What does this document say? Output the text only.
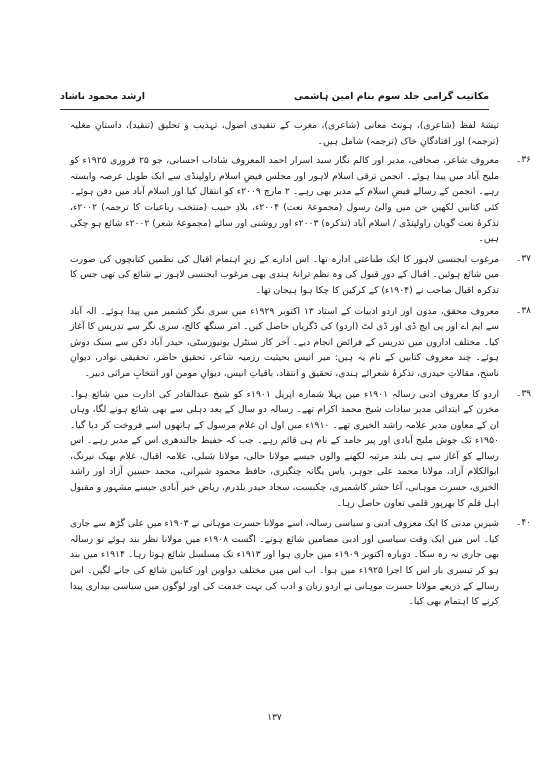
مکاتیب گرامی جلد سوم بنام امین ہاشمی
ارشد محمود ناشاد

تیشۂ لفظ (شاعری)، ہونٹ معانی (شاعری)، مغرب کے تنقیدی اصول، تہذیب و تحلیق (تنقید)، داستانِ مغلیہ (ترجمہ) اور افتادگانِ خاک (ترجمہ) شامل ہیں۔

۳۶۔
معروف شاعر، صحافی، مدیر اور کالم نگار سید اسرار احمد المعروف شاداب احسانی، جو ۲۵ فروری ۱۹۲۵ء کو ملیح آباد میں پیدا ہوئے۔ انجمن ترقی اسلام لاہور اور مجلس فیضِ اسلام راولپنڈی سے ایک طویل عرصہ وابستہ رہے۔ انجمن کے رسالے فیضِ اسلام کے مدیر بھی رہے۔ ۲ مارچ ۲۰۰۹ء کو انتقال کیا اور اسلام آباد میں دفن ہوئے۔ کئی کتابیں لکھیں جن میں والئ رسول (مجموعۂ نعت) ۲۰۰۴ء، بلادِ حبیب (منتخب رباعیات کا ترجمہ) ۲۰۰۲ء، تذکرۂ نعت گویان راولپنڈی / اسلام آباد (تذکرہ) ۲۰۰۳ء اور روشنی اور سائے (مجموعۂ شعر) ۲۰۰۲ء شائع ہو چکی ہیں۔
۳۷۔
مرغوب ایجنسی لاہور کا ایک طباعتی ادارہ تھا۔ اس ادارے کے زیرِ اہتمام اقبال کی نظمیں کتابچوں کی صورت میں شائع ہوئیں۔ اقبال کے دورِ قبول کی وہ نظم ترانۂ ہندی بھی مرغوب ایجنسی لاہور نے شائع کی تھی جس کا تذکرہ اقبال صاحب نے (۱۹۰۴ء) کے کرکین کا چکا ہوا ہیجان تھا۔
۳۸۔
معروف محقق، مدون اور اردو ادبیات کے استاد ۱۳ اکتوبر ۱۹۲۹ء میں سری نگر کشمیر میں پیدا ہوئے۔ الہ آباد سے ایم اے اور پی ایچ ڈی اور ڈی لٹ (اردو) کی ڈگریاں حاصل کیں۔ امر سنگھ کالج، سری نگر سے تدریس کا آغاز کیا۔ مختلف اداروں میں تدریس کے فرائض انجام دیے۔ آخر کار سنٹرل یونیورسٹی، حیدر آباد دکن سے سبک دوش ہوئے۔ چند معروف کتابیں کے نام یہ ہیں: میر انیس بحیثیت رزمیہ شاعر، تحقیق حاضر، تحقیقی نوادر، دیوانِ ناسخ، مقالاتِ حیدری، تذکرۂ شعرائے ہندی، تحقیق و انتقاد، باقیاتِ انیس، دیوانِ مومن اور انتخابِ مراثی دبیر۔
۳۹۔
اردو کا معروف ادبی رسالہ ۱۹۰۱ء میں پہلا شمارہ اپریل ۱۹۰۱ء کو شیخ عبدالقادر کی ادارت میں شائع ہوا۔ مخزن کے ابتدائی مدیر سادات شیخ محمد اکرام تھے۔ رسالہ دو سال کے بعد دہلی سے بھی شائع ہونے لگا، وہاں ان کے معاون مدیر علامہ راشد الخیری تھے۔ ۱۹۱۰ء میں اول ان غلام مرسول کے ہاتھوں اسے فروخت کر دیا گیا۔ ۱۹۵۰ء تک جوش ملیح آبادی اور پیر حامد کے نام ہی قائم رہے۔ جب کہ حفیظ جالندھری اس کے مدیر رہے۔ اس رسالے کو آغاز سے ہی بلند مرتبہ لکھنے والوں جیسے مولانا حالی، مولانا شبلی، علامہ اقبال، غلام بھیک نیرنگ، ابوالکلام آزاد، مولانا محمد علی جوہر، یاس یگانہ چنگیزی، حافظ محمود شیرانی، محمد حسین آزاد اور راشد الخیری، حسرت موہانی، آغا حشر کاشمیری، چکبست، سجاد حیدر یلدرم، ریاض خیر آبادی جیسے مشہور و مقبول اہل قلم کا بھرپور قلمی تعاون حاصل رہا۔
۴۰۔
شیریں مدنی کا ایک معروف ادبی و سیاسی رسالہ، اسے مولانا حسرت موہانی نے ۱۹۰۳ء میں علی گڑھ سے جاری کیا۔ اس میں ایک وقت سیاسی اور ادبی مضامین شائع ہوتے۔ اگست ۱۹۰۸ء میں مولانا نظر بند ہوئے تو رسالہ بھی جاری نہ رہ سکا۔ دوبارہ اکتوبر ۱۹۰۹ء میں جاری ہوا اور ۱۹۱۳ء تک مسلسل شائع ہوتا رہا۔ ۱۹۱۴ء میں بند ہو کر تیسری بار اس کا اجرا ۱۹۲۵ء میں ہوا۔ اب اس میں مختلف دواوین اور کتابیں شائع کی جانے لگیں۔ اس رسالے کے ذریعے مولانا حسرت موہانی نے اردو زبان و ادب کی بہت خدمت کی اور لوگوں میں سیاسی بیداری پیدا کرنے کا اہتمام بھی کیا۔
۱۳۷
